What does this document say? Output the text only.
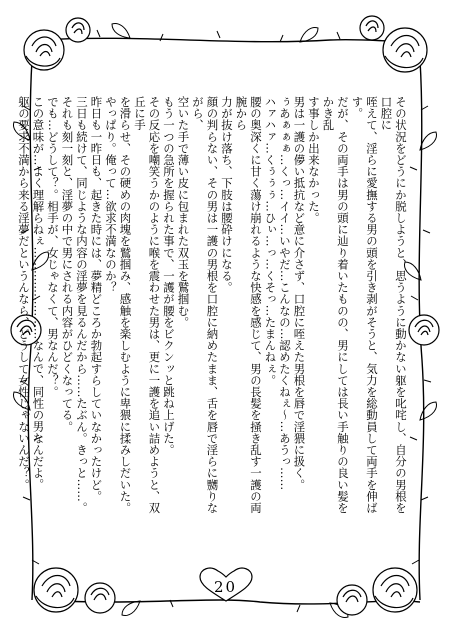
その状況をどうにか脱しようと、思うように動かない躯を叱咤し、自分の男根を口腔に

咥えて、淫らに愛撫する男の頭を引き剥がそうと、気力を総動員して両手を伸ばす。

だが、その両手は男の頭に辿り着いたものの、男にしては長い手触りの良い髪をかき乱

す事しか出来なかった。

男は一護の儚い抵抗など意に介さず、口腔に咥えた男根を唇で淫猥に扱く。

ぅあぁぁぁ…くっ…イイ…いやだ…こんなの…認めたくねぇ〜…あうっ……

ハァハァ…くぅぅぅ…ひぃ…っ…くそっ…たまんねぇ。

腰の奥深くに甘く蕩け崩れるような快感を感じて、男の長髪を掻き乱す一護の両腕から

力が抜け落ち、下肢は腰砕けになる。

顔の判らない、その男は一護の男根を口腔に納めたまま、舌を唇で淫らに嬲りながら、

空いた手で薄い皮に包まれた双玉を鷲掴む。

もう一つの急所を握られた事で、一護が腰をビクンッと跳ね上げた。

その反応を嘲笑うかのように喉を震わせた男は、更に一護を追い詰めようと、双丘に手

を滑らせ、その硬めの肉塊を鷲掴み、感触を楽しむように卑猥に揉みしだいた。

やっぱり。俺って…欲求不満なのか？

昨日も一昨日も、起きた時には、夢精どころか勃起すらしていなかったけど。

三日も続けて、同じような内容の淫夢を見るんだから……たぶん。きっと……。

それも刻一刻と、淫夢の中で男にされる内容がひどくなってる。

でも…どうして？。相手が、女じゃなくて、男なんだ？。

この意味が…よく理解らねぇ……………………なんで、同性の男なんだよ。

躯の要求不満から来る淫夢だというんなら、どうして女性じゃないんだ？。

20
